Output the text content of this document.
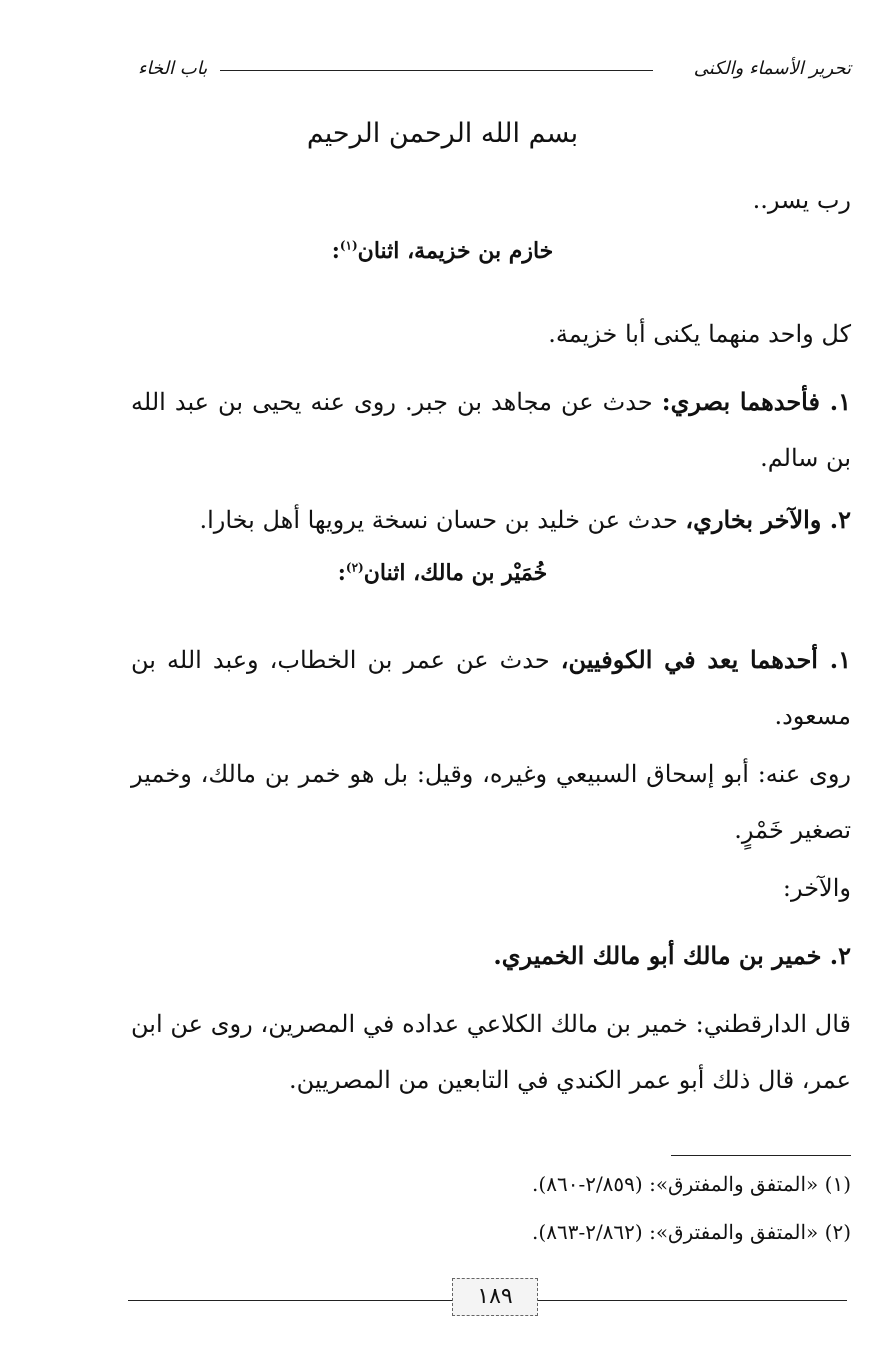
تحرير الأسماء والكنى
باب الخاء
بسم الله الرحمن الرحيم
رب يسر..
خازم بن خزيمة، اثنان$^{(١)}$:
كل واحد منهما يكنى أبا خزيمة.
١. فأحدهما بصري: حدث عن مجاهد بن جبر. روى عنه يحيى بن عبد الله بن سالم.
٢. والآخر بخاري، حدث عن خليد بن حسان نسخة يرويها أهل بخارا.
خُمَيْر بن مالك، اثنان$^{(٢)}$:
١. أحدهما يعد في الكوفيين، حدث عن عمر بن الخطاب، وعبد الله بن مسعود.
روى عنه: أبو إسحاق السبيعي وغيره، وقيل: بل هو خمر بن مالك، وخمير تصغير خَمْرٍ.
والآخر:
٢. خمير بن مالك أبو مالك الخميري.
قال الدارقطني: خمير بن مالك الكلاعي عداده في المصرين، روى عن ابن عمر، قال ذلك أبو عمر الكندي في التابعين من المصريين.
(١) «المتفق والمفترق»: (٢/٨٥٩-٨٦٠).
(٢) «المتفق والمفترق»: (٢/٨٦٢-٨٦٣).
١٨٩
